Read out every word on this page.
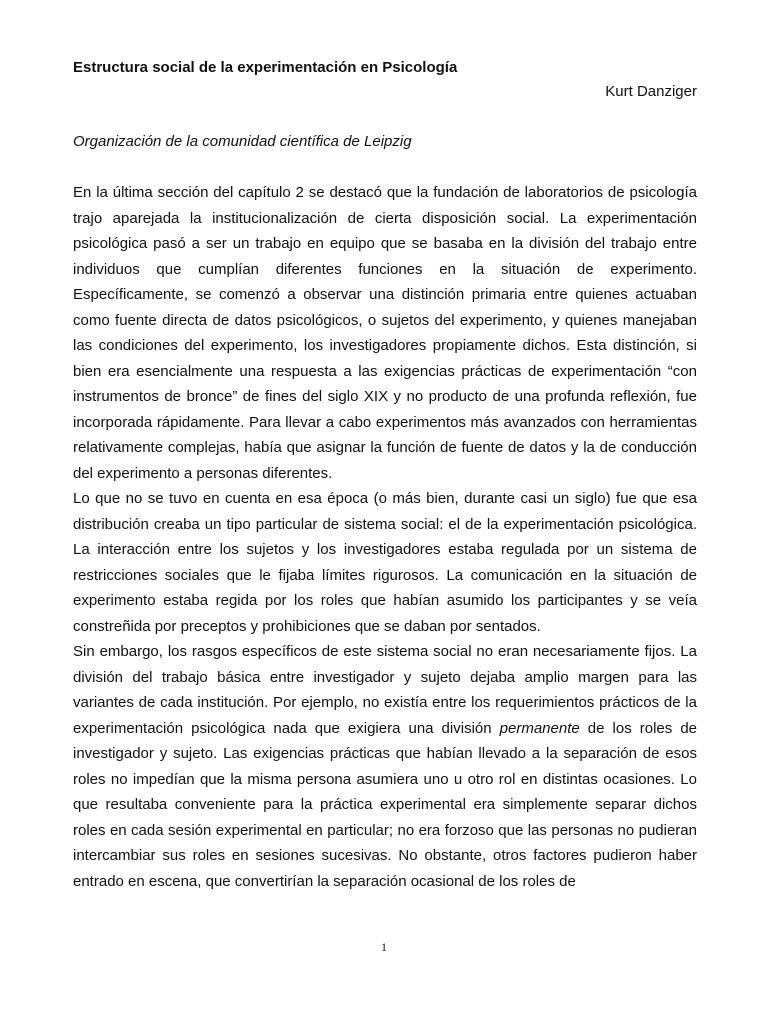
Estructura social de la experimentación en Psicología

Kurt Danziger

Organización de la comunidad científica de Leipzig

En la última sección del capítulo 2 se destacó que la fundación de laboratorios de psicología trajo aparejada la institucionalización de cierta disposición social. La experimentación psicológica pasó a ser un trabajo en equipo que se basaba en la división del trabajo entre individuos que cumplían diferentes funciones en la situación de experimento. Específicamente, se comenzó a observar una distinción primaria entre quienes actuaban como fuente directa de datos psicológicos, o sujetos del experimento, y quienes manejaban las condiciones del experimento, los investigadores propiamente dichos. Esta distinción, si bien era esencialmente una respuesta a las exigencias prácticas de experimentación “con instrumentos de bronce” de fines del siglo XIX y no producto de una profunda reflexión, fue incorporada rápidamente. Para llevar a cabo experimentos más avanzados con herramientas relativamente complejas, había que asignar la función de fuente de datos y la de conducción del experimento a personas diferentes.

Lo que no se tuvo en cuenta en esa época (o más bien, durante casi un siglo) fue que esa distribución creaba un tipo particular de sistema social: el de la experimentación psicológica. La interacción entre los sujetos y los investigadores estaba regulada por un sistema de restricciones sociales que le fijaba límites rigurosos. La comunicación en la situación de experimento estaba regida por los roles que habían asumido los participantes y se veía constreñida por preceptos y prohibiciones que se daban por sentados.

Sin embargo, los rasgos específicos de este sistema social no eran necesariamente fijos. La división del trabajo básica entre investigador y sujeto dejaba amplio margen para las variantes de cada institución. Por ejemplo, no existía entre los requerimientos prácticos de la experimentación psicológica nada que exigiera una división permanente de los roles de investigador y sujeto. Las exigencias prácticas que habían llevado a la separación de esos roles no impedían que la misma persona asumiera uno u otro rol en distintas ocasiones. Lo que resultaba conveniente para la práctica experimental era simplemente separar dichos roles en cada sesión experimental en particular; no era forzoso que las personas no pudieran intercambiar sus roles en sesiones sucesivas. No obstante, otros factores pudieron haber entrado en escena, que convertirían la separación ocasional de los roles de

1
